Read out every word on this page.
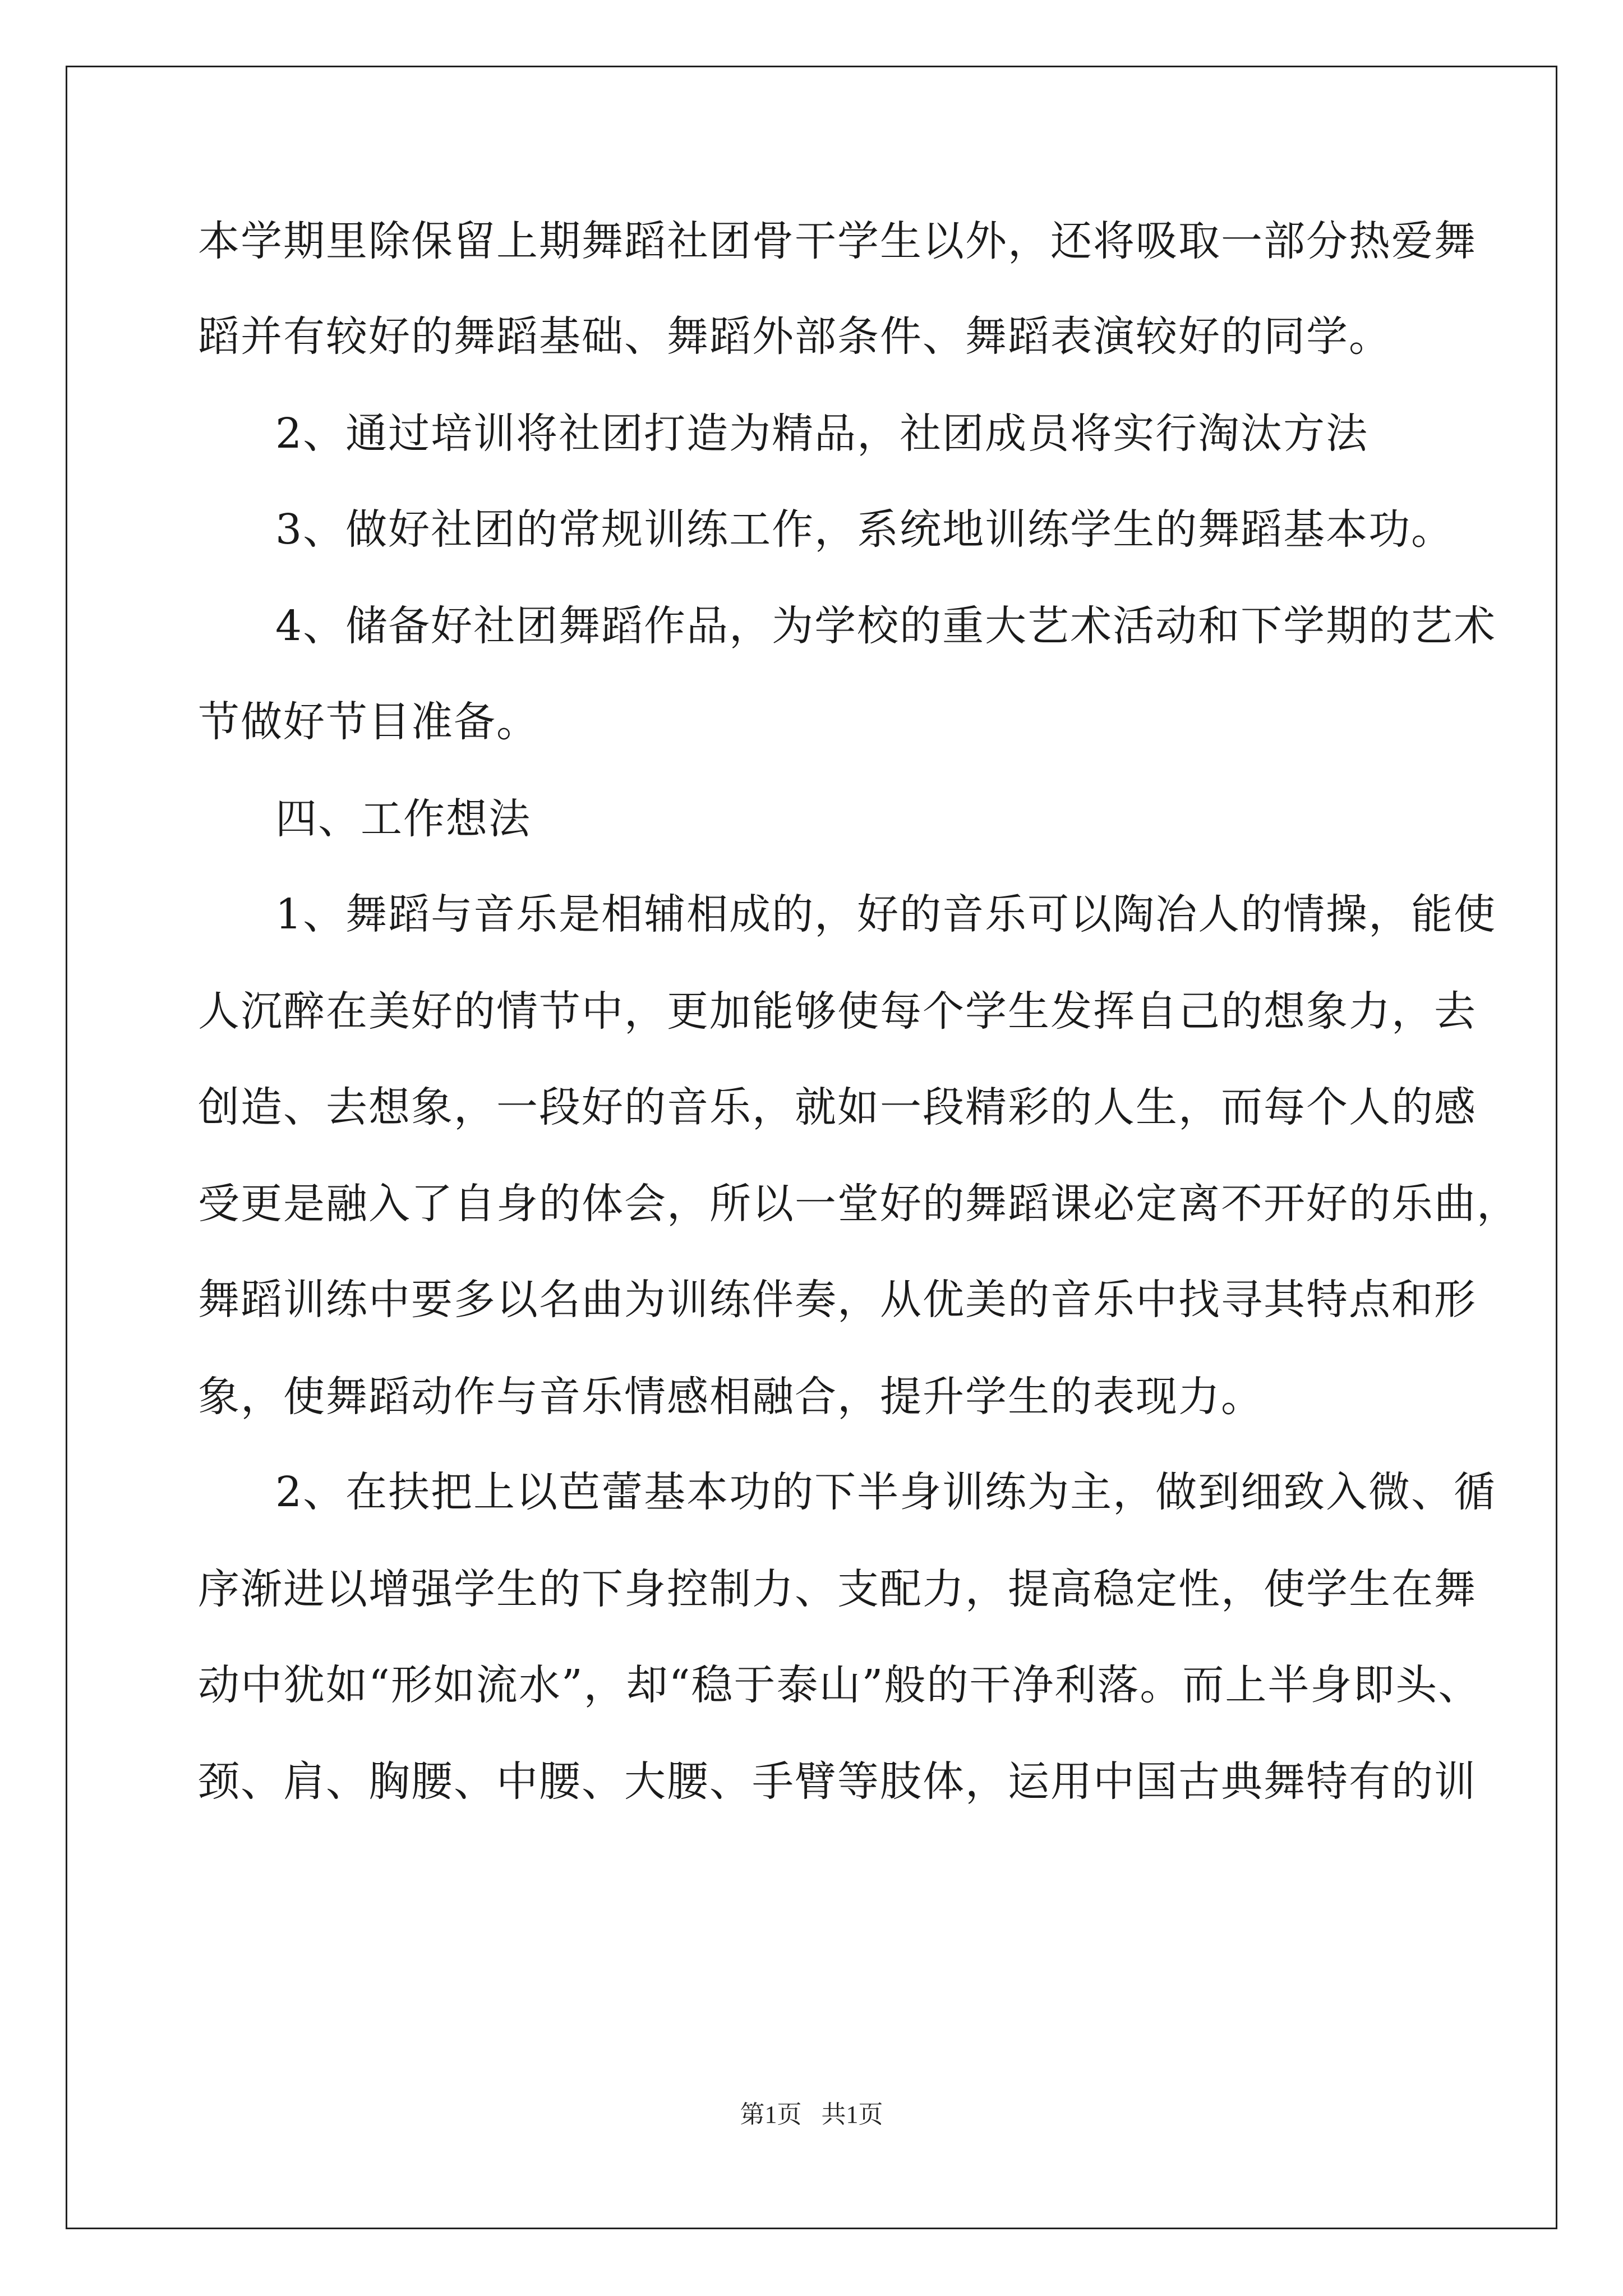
本学期里除保留上期舞蹈社团骨干学生以外，还将吸取一部分热爱舞
蹈并有较好的舞蹈基础、舞蹈外部条件、舞蹈表演较好的同学。
2、通过培训将社团打造为精品，社团成员将实行淘汰方法
3、做好社团的常规训练工作，系统地训练学生的舞蹈基本功。
4、储备好社团舞蹈作品，为学校的重大艺术活动和下学期的艺术
节做好节目准备。
四、工作想法
1、舞蹈与音乐是相辅相成的，好的音乐可以陶冶人的情操，能使
人沉醉在美好的情节中，更加能够使每个学生发挥自己的想象力，去
创造、去想象，一段好的音乐，就如一段精彩的人生，而每个人的感
受更是融入了自身的体会，所以一堂好的舞蹈课必定离不开好的乐曲，
舞蹈训练中要多以名曲为训练伴奏，从优美的音乐中找寻其特点和形
象，使舞蹈动作与音乐情感相融合，提升学生的表现力。
2、在扶把上以芭蕾基本功的下半身训练为主，做到细致入微、循
序渐进以增强学生的下身控制力、支配力，提高稳定性，使学生在舞
动中犹如“形如流水”，却“稳于泰山”般的干净利落。而上半身即头、
颈、肩、胸腰、中腰、大腰、手臂等肢体，运用中国古典舞特有的训
第1页 共1页
